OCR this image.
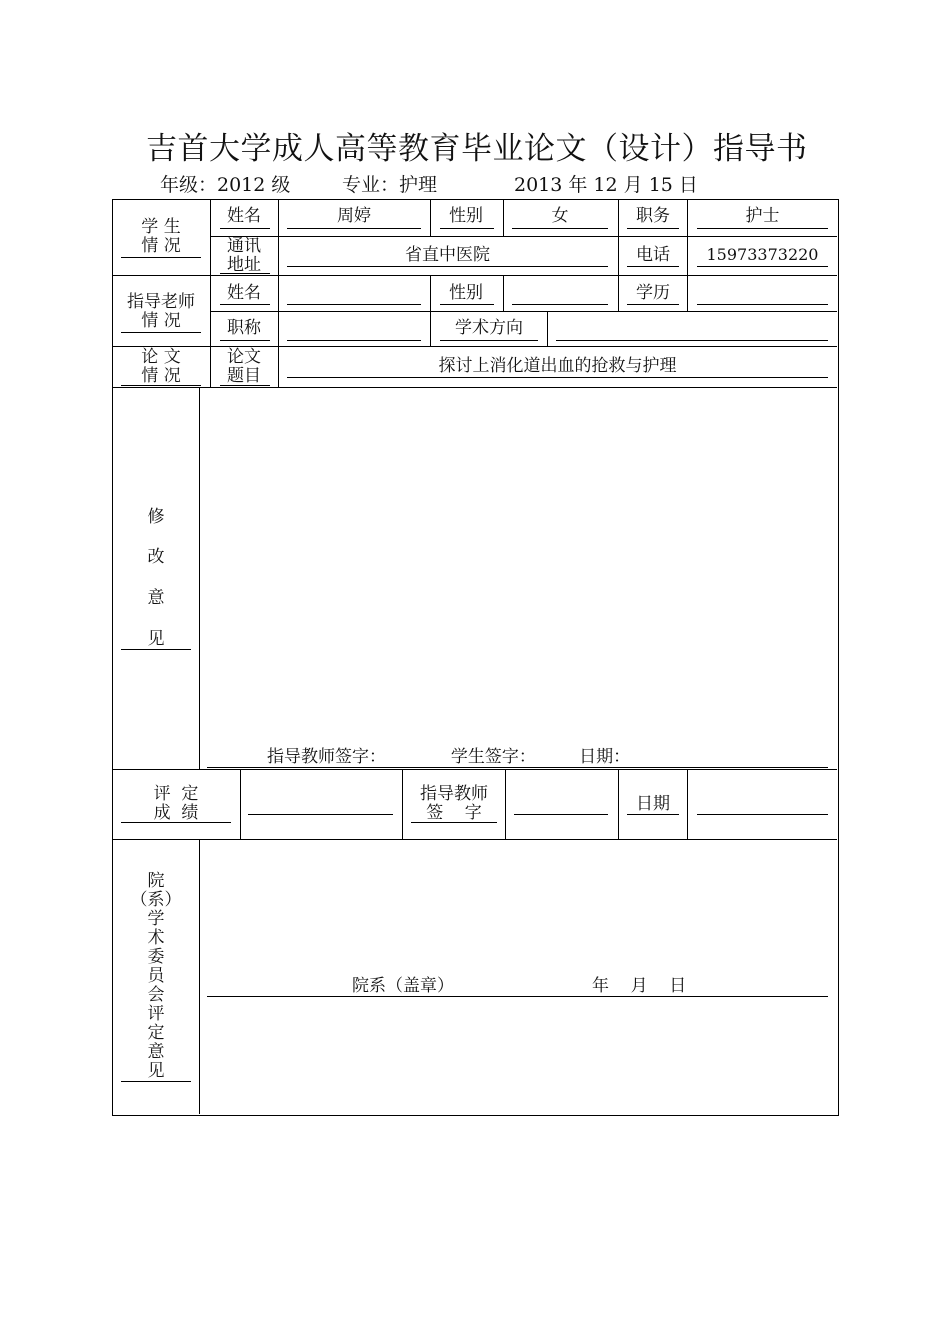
吉首大学成人高等教育毕业论文（设计）指导书
年级：2012 级	专业：护理	2013 年 12 月 15 日
学 生
情 况
姓名	周婷	性别	女	职务	护士
通讯
地址	省直中医院	电话	15973373220
指导老师
情 况
姓名	性别	学历
职称	学术方向
论 文
情 况
论文
题目	探讨上消化道出血的抢救与护理
修
改
意
见
指导教师签字：            学生签字：        日期：
评  定
成  绩
指导教师
签    字	日期
院
（系）
学
术
委
员
会
评
定
意
见
院系（盖章）	年    月    日
